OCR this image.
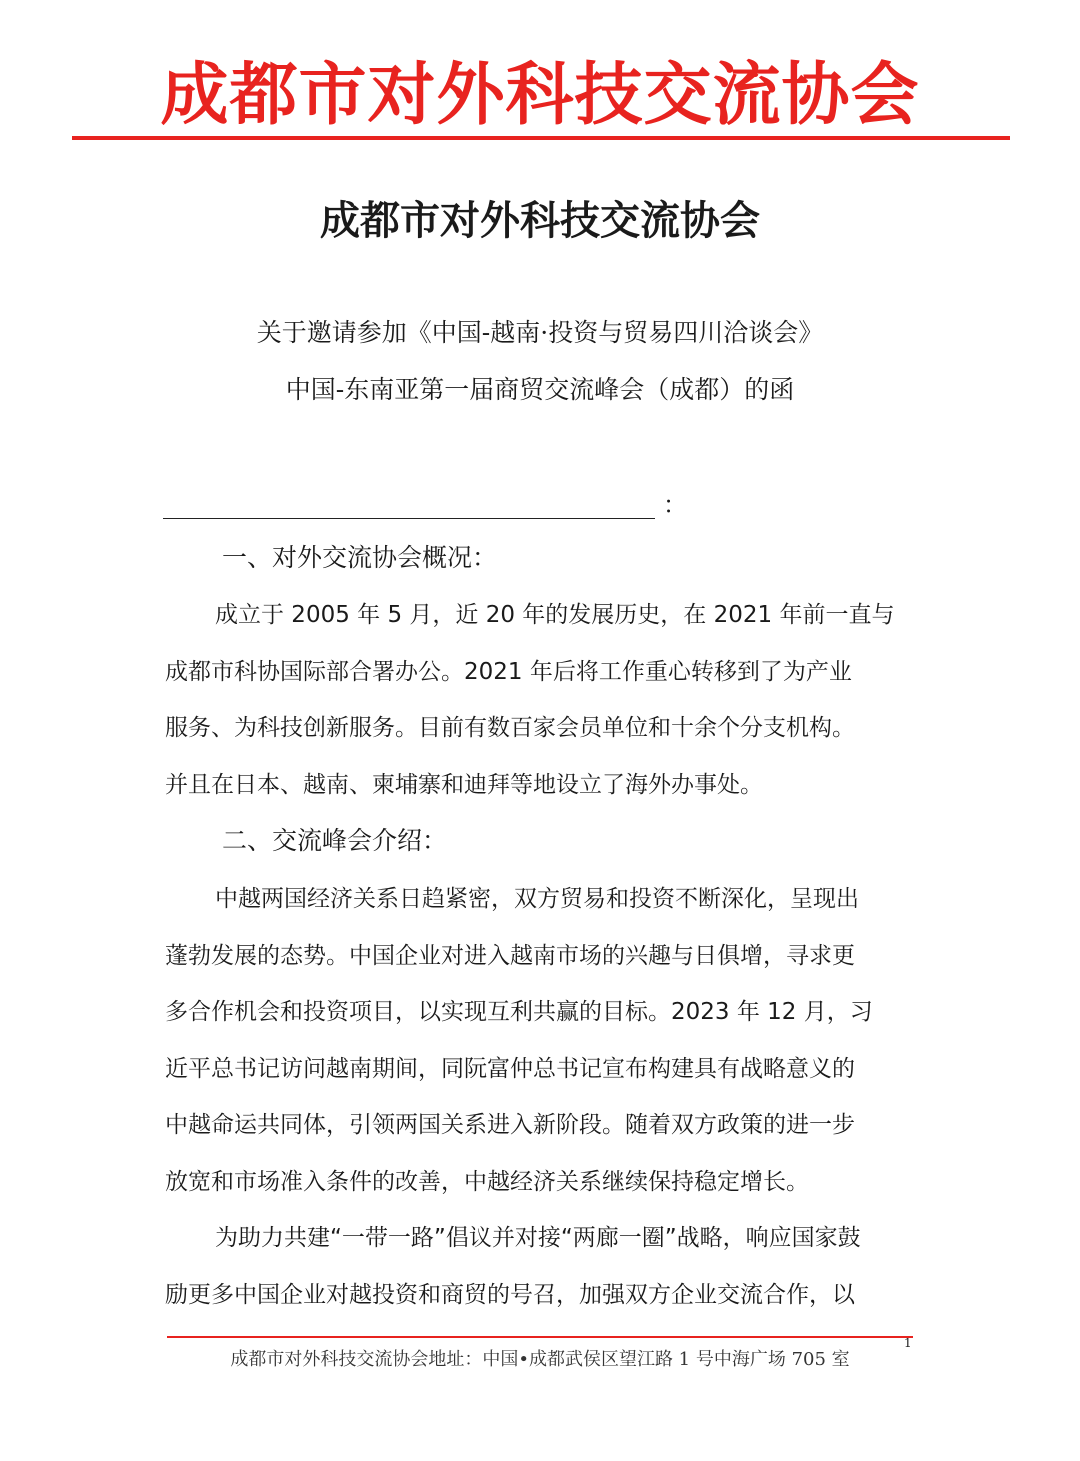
成都市对外科技交流协会
成都市对外科技交流协会
关于邀请参加《中国-越南·投资与贸易四川洽谈会》
中国-东南亚第一届商贸交流峰会（成都）的函
：
一、对外交流协会概况：
成立于 2005 年 5 月，近 20 年的发展历史，在 2021 年前一直与
成都市科协国际部合署办公。2021 年后将工作重心转移到了为产业
服务、为科技创新服务。目前有数百家会员单位和十余个分支机构。
并且在日本、越南、柬埔寨和迪拜等地设立了海外办事处。
二、交流峰会介绍：
中越两国经济关系日趋紧密，双方贸易和投资不断深化，呈现出
蓬勃发展的态势。中国企业对进入越南市场的兴趣与日俱增，寻求更
多合作机会和投资项目，以实现互利共赢的目标。2023 年 12 月，习
近平总书记访问越南期间，同阮富仲总书记宣布构建具有战略意义的
中越命运共同体，引领两国关系进入新阶段。随着双方政策的进一步
放宽和市场准入条件的改善，中越经济关系继续保持稳定增长。
为助力共建“一带一路”倡议并对接“两廊一圈”战略，响应国家鼓
励更多中国企业对越投资和商贸的号召，加强双方企业交流合作，以
1
成都市对外科技交流协会地址：中国•成都武侯区望江路 1 号中海广场 705 室
